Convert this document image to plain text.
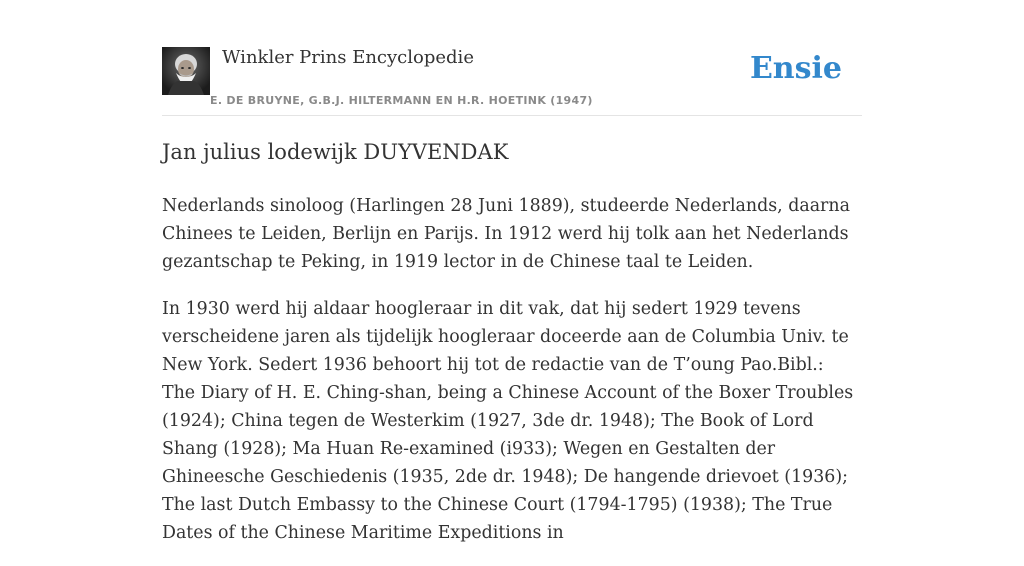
Winkler Prins Encyclopedie
E. DE BRUYNE, G.B.J. HILTERMANN EN H.R. HOETINK (1947)
Ensie
Jan julius lodewijk DUYVENDAK

Nederlands sinoloog (Harlingen 28 Juni 1889), studeerde Nederlands, daarna Chinees te Leiden, Berlijn en Parijs. In 1912 werd hij tolk aan het Nederlands gezantschap te Peking, in 1919 lector in de Chinese taal te Leiden.

In 1930 werd hij aldaar hoogleraar in dit vak, dat hij sedert 1929 tevens verscheidene jaren als tijdelijk hoogleraar doceerde aan de Columbia Univ. te New York. Sedert 1936 behoort hij tot de redactie van de T’oung Pao.Bibl.: The Diary of H. E. Ching-shan, being a Chinese Account of the Boxer Troubles (1924); China tegen de Westerkim (1927, 3de dr. 1948); The Book of Lord Shang (1928); Ma Huan Re-examined (i933); Wegen en Gestalten der Ghineesche Geschiedenis (1935, 2de dr. 1948); De hangende drievoet (1936); The last Dutch Embassy to the Chinese Court (1794-1795) (1938); The True Dates of the Chinese Maritime Expeditions in
